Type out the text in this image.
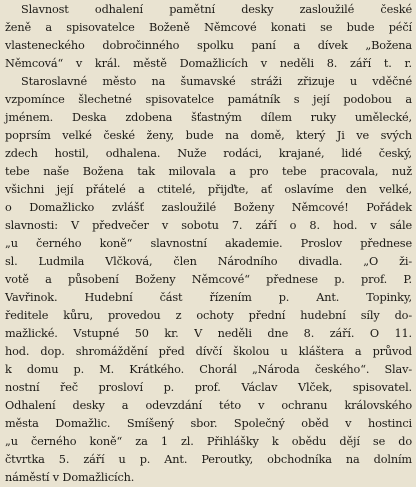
Slavnost odhalení pamětní desky zasloužilé české
ženě a spisovatelce Boženě Němcové konati se bude péčí
vlasteneckého dobročinného spolku paní a dívek „Božena
Němcová“ v král. městě Domažlicích v neděli 8. září t. r.
Staroslavné město na šumavské stráži zřizuje u vděčné
vzpomínce šlechetné spisovatelce památník s její podobou a
jménem. Deska zdobena šťastným dílem ruky umělecké,
poprsím velké české ženy, bude na domě, který Ji ve svých
zdech hostil, odhalena. Nuže rodáci, krajané, lidé český,
tebe naše Božena tak milovala a pro tebe pracovala, nuž
všichni její přátelé a ctitelé, přijďte, ať oslavíme den velké,
o Domažlicko zvlášť zasloužilé Boženy Němcové! Pořádek
slavnosti: V předvečer v sobotu 7. září o 8. hod. v sále
„u černého koně“ slavnostní akademie. Proslov přednese
sl. Ludmila Vlčková, člen Národního divadla. „O ži-
votě a působení Boženy Němcové“ přednese p. prof. P.
Vavřinok. Hudební část řízením p. Ant. Topinky,
ředitele kůru, provedou z ochoty přední hudební síly do-
mažlické. Vstupné 50 kr. V neděli dne 8. září. O 11.
hod. dop. shromáždění před dívčí školou u kláštera a průvod
k domu p. M. Krátkého. Chorál „Národa českého“. Slav-
nostní řeč prosloví p. prof. Václav Vlček, spisovatel.
Odhalení desky a odevzdání této v ochranu královského
města Domažlic. Smíšený sbor. Společný oběd v hostinci
„u černého koně“ za 1 zl. Přihlášky k obědu dějí se do
čtvrtka 5. září u p. Ant. Peroutky, obchodníka na dolním
náměstí v Domažlicích.
